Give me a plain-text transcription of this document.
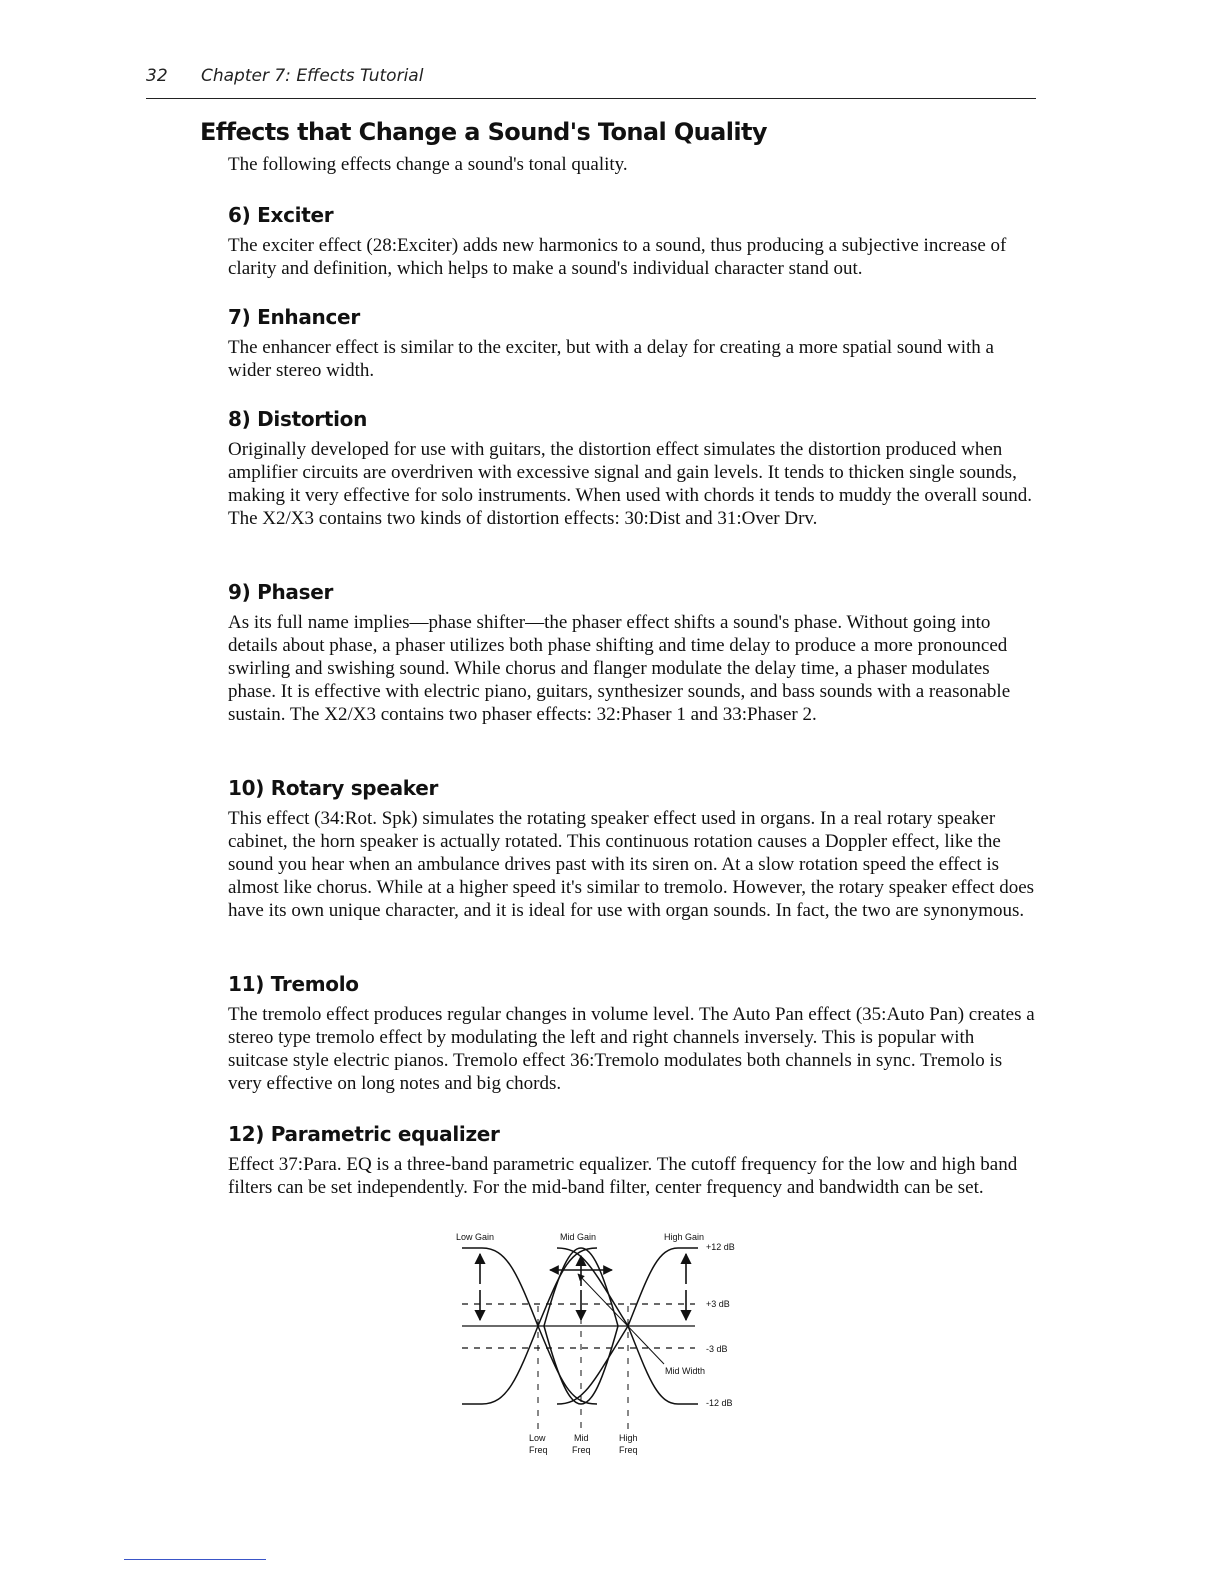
32 Chapter 7: Effects Tutorial
Effects that Change a Sound's Tonal Quality

The following effects change a sound's tonal quality.

6) Exciter

The exciter effect (28:Exciter) adds new harmonics to a sound, thus producing a subjective increase of clarity and definition, which helps to make a sound's individual character stand out.

7) Enhancer

The enhancer effect is similar to the exciter, but with a delay for creating a more spatial sound with a wider stereo width.

8) Distortion

Originally developed for use with guitars, the distortion effect simulates the distortion produced when amplifier circuits are overdriven with excessive signal and gain levels. It tends to thicken single sounds, making it very effective for solo instruments. When used with chords it tends to muddy the overall sound. The X2/X3 contains two kinds of distortion effects: 30:Dist and 31:Over Drv.

9) Phaser

As its full name implies—phase shifter—the phaser effect shifts a sound's phase. Without going into details about phase, a phaser utilizes both phase shifting and time delay to produce a more pronounced swirling and swishing sound. While chorus and flanger modulate the delay time, a phaser modulates phase. It is effective with electric piano, guitars, synthesizer sounds, and bass sounds with a reasonable sustain. The X2/X3 contains two phaser effects: 32:Phaser 1 and 33:Phaser 2.

10) Rotary speaker

This effect (34:Rot. Spk) simulates the rotating speaker effect used in organs. In a real rotary speaker cabinet, the horn speaker is actually rotated. This continuous rotation causes a Doppler effect, like the sound you hear when an ambulance drives past with its siren on. At a slow rotation speed the effect is almost like chorus. While at a higher speed it's similar to tremolo. However, the rotary speaker effect does have its own unique character, and it is ideal for use with organ sounds. In fact, the two are synonymous.

11) Tremolo

The tremolo effect produces regular changes in volume level. The Auto Pan effect (35:Auto Pan) creates a stereo type tremolo effect by modulating the left and right channels inversely. This is popular with suitcase style electric pianos. Tremolo effect 36:Tremolo modulates both channels in sync. Tremolo is very effective on long notes and big chords.

12) Parametric equalizer

Effect 37:Para. EQ is a three-band parametric equalizer. The cutoff frequency for the low and high band filters can be set independently. For the mid-band filter, center frequency and bandwidth can be set.

Low Gain	Mid Gain	High Gain
+12 dB
+3 dB
-3 dB
-12 dB
Mid Width
Low
Freq
Mid
Freq
High
Freq
